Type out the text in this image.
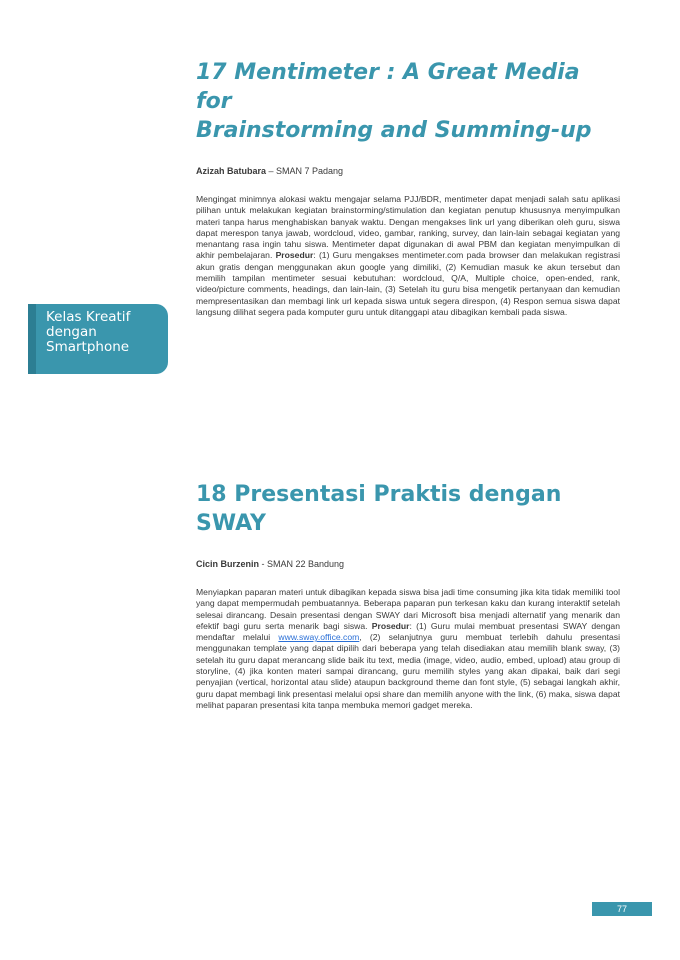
Kelas Kreatif
dengan
Smartphone
17 Mentimeter : A Great Media for
Brainstorming and Summing-up

Azizah Batubara – SMAN 7 Padang

Mengingat minimnya alokasi waktu mengajar selama PJJ/BDR, mentimeter dapat menjadi salah satu aplikasi pilihan untuk melakukan kegiatan brainstorming/stimulation dan kegiatan penutup khususnya menyimpulkan materi tanpa harus menghabiskan banyak waktu. Dengan mengakses link url yang diberikan oleh guru, siswa dapat merespon tanya jawab, wordcloud, video, gambar, ranking, survey, dan lain-lain sebagai kegiatan yang menantang rasa ingin tahu siswa. Mentimeter dapat digunakan di awal PBM dan kegiatan menyimpulkan di akhir pembelajaran. Prosedur: (1) Guru mengakses mentimeter.com pada browser dan melakukan registrasi akun gratis dengan menggunakan akun google yang dimiliki, (2) Kemudian masuk ke akun tersebut dan memilih tampilan mentimeter sesuai kebutuhan: wordcloud, Q/A, Multiple choice, open-ended, rank, video/picture comments, headings, dan lain-lain, (3) Setelah itu guru bisa mengetik pertanyaan dan kemudian mempresentasikan dan membagi link url kepada siswa untuk segera direspon, (4) Respon semua siswa dapat langsung dilihat segera pada komputer guru untuk ditanggapi atau dibagikan kembali pada siswa.

18 Presentasi Praktis dengan
SWAY

Cicin Burzenin - SMAN 22 Bandung

Menyiapkan paparan materi untuk dibagikan kepada siswa bisa jadi time consuming jika kita tidak memiliki tool yang dapat mempermudah pembuatannya. Beberapa paparan pun terkesan kaku dan kurang interaktif setelah selesai dirancang. Desain presentasi dengan SWAY dari Microsoft bisa menjadi alternatif yang menarik dan efektif bagi guru serta menarik bagi siswa. Prosedur: (1) Guru mulai membuat presentasi SWAY dengan mendaftar melalui www.sway.office.com, (2) selanjutnya guru membuat terlebih dahulu presentasi menggunakan template yang dapat dipilih dari beberapa yang telah disediakan atau memilih blank sway, (3) setelah itu guru dapat merancang slide baik itu text, media (image, video, audio, embed, upload) atau group di storyline, (4) jika konten materi sampai dirancang, guru memilih styles yang akan dipakai, baik dari segi penyajian (vertical, horizontal atau slide) ataupun background theme dan font style, (5) sebagai langkah akhir, guru dapat membagi link presentasi melalui opsi share dan memilih anyone with the link, (6) maka, siswa dapat melihat paparan presentasi kita tanpa membuka memori gadget mereka.

77
